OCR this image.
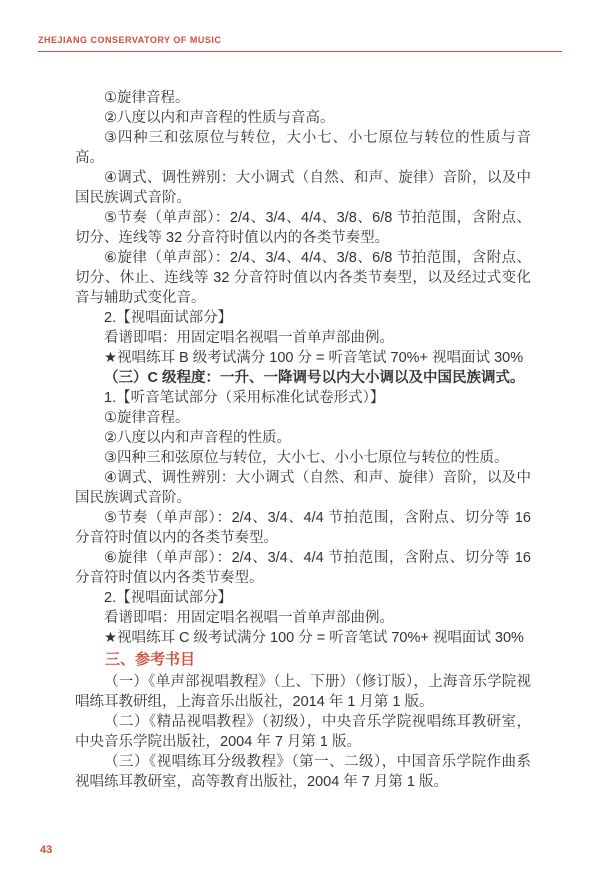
ZHEJIANG CONSERVATORY OF MUSIC

①旋律音程。

②八度以内和声音程的性质与音高。

③四种三和弦原位与转位，大小七、小七原位与转位的性质与音高。

④调式、调性辨别：大小调式（自然、和声、旋律）音阶，以及中国民族调式音阶。

⑤节奏（单声部）：2/4、3/4、4/4、3/8、6/8 节拍范围，含附点、切分、连线等 32 分音符时值以内的各类节奏型。

⑥旋律（单声部）：2/4、3/4、4/4、3/8、6/8 节拍范围，含附点、切分、休止、连线等 32 分音符时值以内各类节奏型，以及经过式变化音与辅助式变化音。

2.【视唱面试部分】

看谱即唱：用固定唱名视唱一首单声部曲例。

★视唱练耳 B 级考试满分 100 分 = 听音笔试 70%+ 视唱面试 30%

（三）C 级程度：一升、一降调号以内大小调以及中国民族调式。

1.【听音笔试部分（采用标准化试卷形式）】

①旋律音程。

②八度以内和声音程的性质。

③四种三和弦原位与转位，大小七、小小七原位与转位的性质。

④调式、调性辨别：大小调式（自然、和声、旋律）音阶，以及中国民族调式音阶。

⑤节奏（单声部）：2/4、3/4、4/4 节拍范围，含附点、切分等 16 分音符时值以内的各类节奏型。

⑥旋律（单声部）：2/4、3/4、4/4 节拍范围，含附点、切分等 16 分音符时值以内各类节奏型。

2.【视唱面试部分】

看谱即唱：用固定唱名视唱一首单声部曲例。

★视唱练耳 C 级考试满分 100 分 = 听音笔试 70%+ 视唱面试 30%

三、参考书目

（一）《单声部视唱教程》（上、下册）（修订版），上海音乐学院视唱练耳教研组，上海音乐出版社，2014 年 1 月第 1 版。

（二）《精品视唱教程》（初级），中央音乐学院视唱练耳教研室，中央音乐学院出版社，2004 年 7 月第 1 版。

（三）《视唱练耳分级教程》（第一、二级），中国音乐学院作曲系视唱练耳教研室，高等教育出版社，2004 年 7 月第 1 版。

43
